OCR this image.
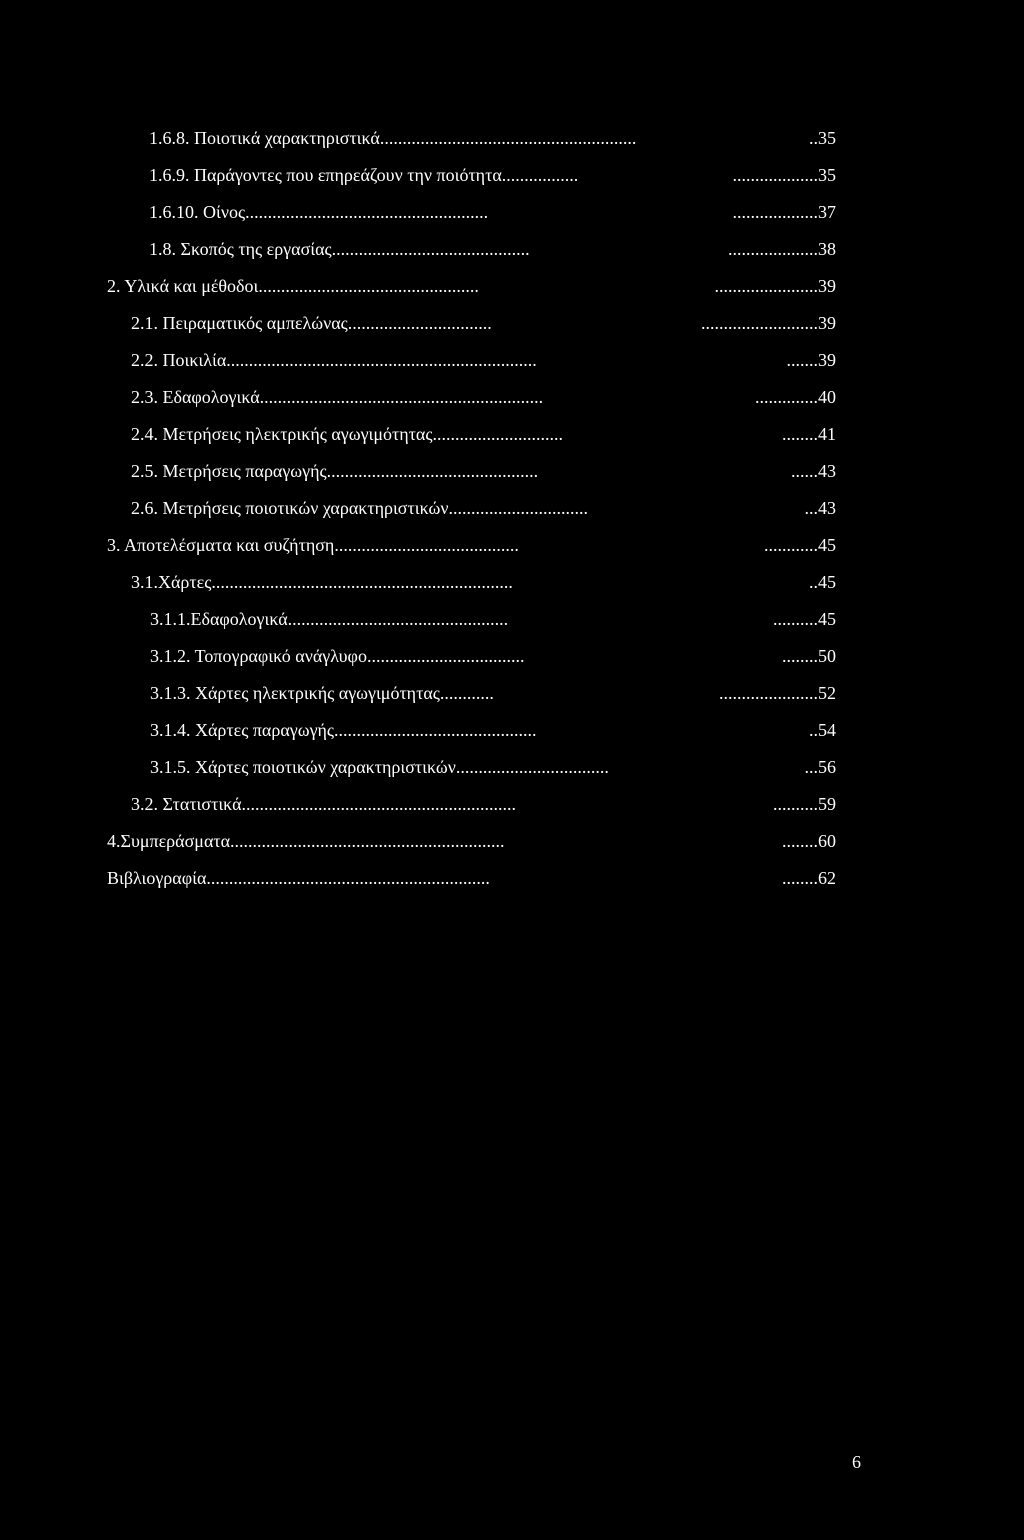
1.6.8. Ποιοτικά χαρακτηριστικά.........................................................	..35
1.6.9. Παράγοντες που επηρεάζουν την ποιότητα.................	...................35
1.6.10. Οίνος......................................................	...................37
1.8. Σκοπός της εργασίας............................................	....................38
2. Υλικά και μέθοδοι.................................................	.......................39
2.1. Πειραματικός αμπελώνας................................	..........................39
2.2. Ποικιλία.....................................................................	.......39
2.3. Εδαφολογικά...............................................................	..............40
2.4. Μετρήσεις ηλεκτρικής αγωγιμότητας.............................	........41
2.5. Μετρήσεις παραγωγής...............................................	......43
2.6. Μετρήσεις ποιοτικών χαρακτηριστικών...............................	...43
3. Αποτελέσματα και συζήτηση.........................................	............45
3.1.Χάρτες...................................................................	..45
3.1.1.Εδαφολογικά.................................................	..........45
3.1.2. Τοπογραφικό ανάγλυφο...................................	........50
3.1.3. Χάρτες ηλεκτρικής αγωγιμότητας............	......................52
3.1.4. Χάρτες παραγωγής.............................................	..54
3.1.5. Χάρτες ποιοτικών χαρακτηριστικών..................................	...56
3.2. Στατιστικά.............................................................	..........59
4.Συμπεράσματα.............................................................	........60
Βιβλιογραφία...............................................................	........62
6
